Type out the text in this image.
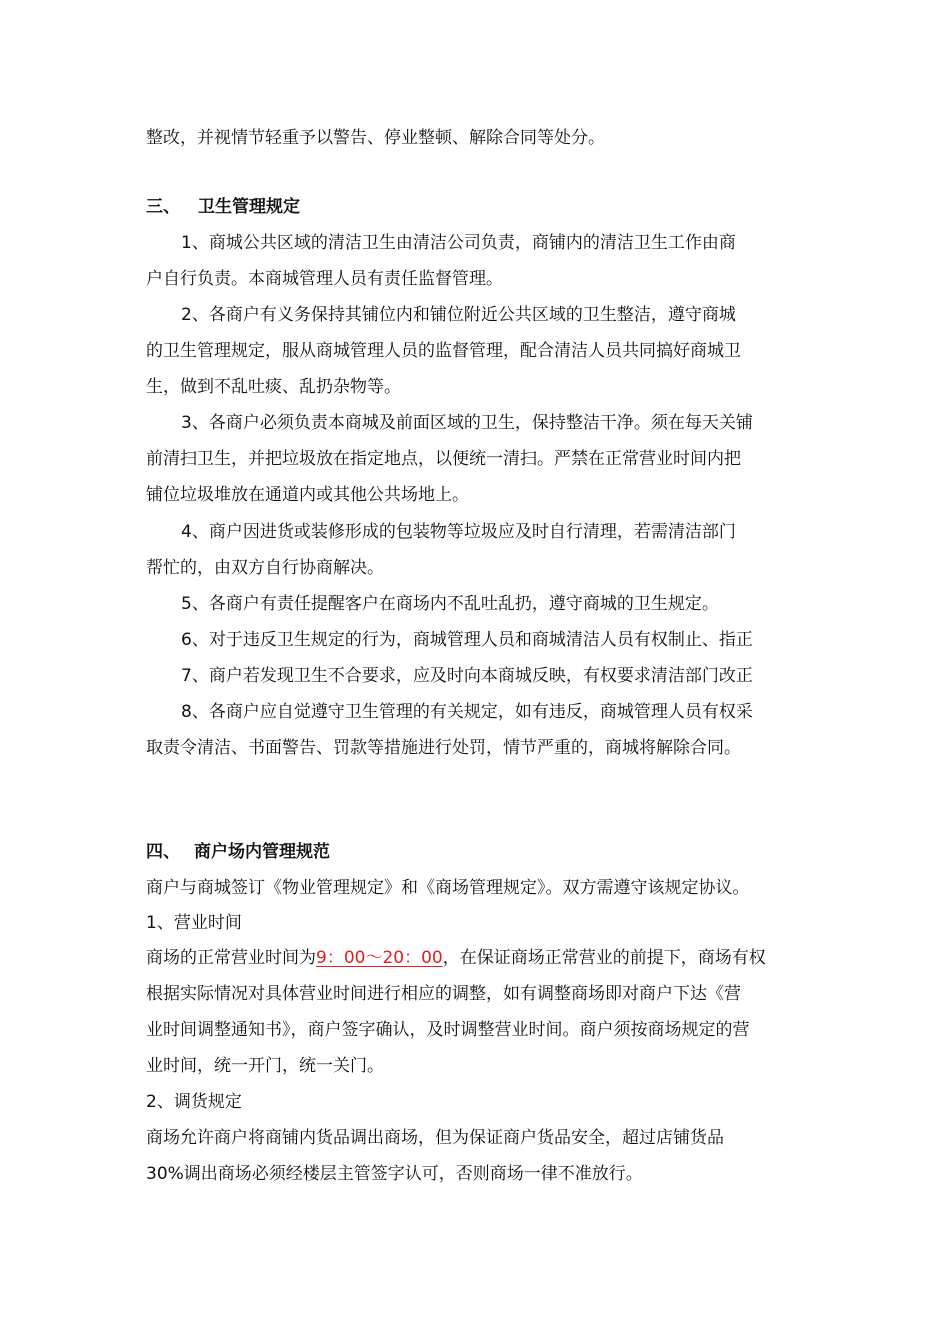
整改，并视情节轻重予以警告、停业整顿、解除合同等处分。
三、 卫生管理规定
1、商城公共区域的清洁卫生由清洁公司负责，商铺内的清洁卫生工作由商
户自行负责。本商城管理人员有责任监督管理。
2、各商户有义务保持其铺位内和铺位附近公共区域的卫生整洁，遵守商城
的卫生管理规定，服从商城管理人员的监督管理，配合清洁人员共同搞好商城卫
生，做到不乱吐痰、乱扔杂物等。
3、各商户必须负责本商城及前面区域的卫生，保持整洁干净。须在每天关铺
前清扫卫生，并把垃圾放在指定地点，以便统一清扫。严禁在正常营业时间内把
铺位垃圾堆放在通道内或其他公共场地上。
4、商户因进货或装修形成的包装物等垃圾应及时自行清理，若需清洁部门
帮忙的，由双方自行协商解决。
5、各商户有责任提醒客户在商场内不乱吐乱扔，遵守商城的卫生规定。
6、对于违反卫生规定的行为，商城管理人员和商城清洁人员有权制止、指正
7、商户若发现卫生不合要求，应及时向本商城反映，有权要求清洁部门改正
8、各商户应自觉遵守卫生管理的有关规定，如有违反，商城管理人员有权采
取责令清洁、书面警告、罚款等措施进行处罚，情节严重的，商城将解除合同。
四、 商户场内管理规范
商户与商城签订《物业管理规定》和《商场管理规定》。双方需遵守该规定协议。
1、营业时间
商场的正常营业时间为9：00～20：00，在保证商场正常营业的前提下，商场有权
根据实际情况对具体营业时间进行相应的调整，如有调整商场即对商户下达《营
业时间调整通知书》，商户签字确认，及时调整营业时间。商户须按商场规定的营
业时间，统一开门，统一关门。
2、调货规定
商场允许商户将商铺内货品调出商场，但为保证商户货品安全，超过店铺货品
30%调出商场必须经楼层主管签字认可，否则商场一律不准放行。
